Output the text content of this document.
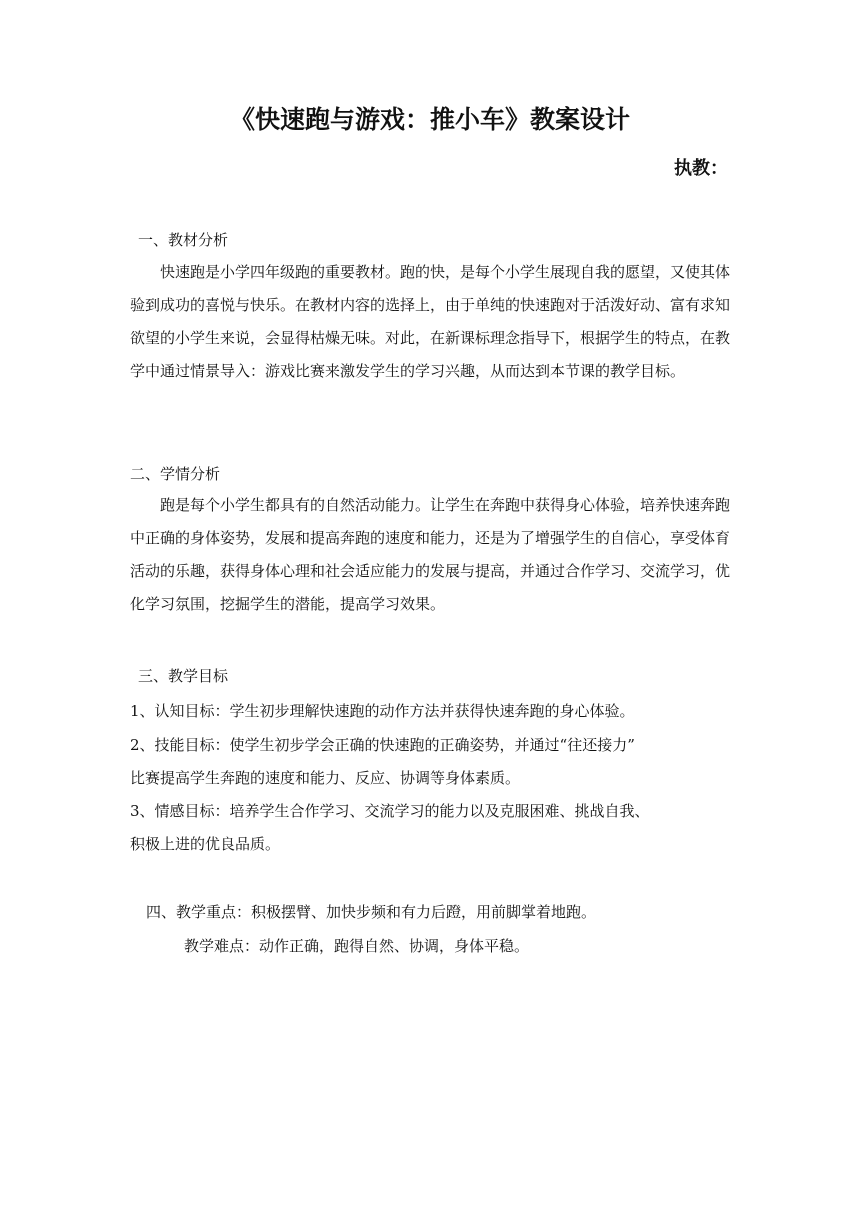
《快速跑与游戏：推小车》教案设计
执教：
一、教材分析

快速跑是小学四年级跑的重要教材。跑的快，是每个小学生展现自我的愿望，又使其体验到成功的喜悦与快乐。在教材内容的选择上，由于单纯的快速跑对于活泼好动、富有求知欲望的小学生来说，会显得枯燥无味。对此，在新课标理念指导下，根据学生的特点，在教学中通过情景导入：游戏比赛来激发学生的学习兴趣，从而达到本节课的教学目标。

二、学情分析

跑是每个小学生都具有的自然活动能力。让学生在奔跑中获得身心体验，培养快速奔跑中正确的身体姿势，发展和提高奔跑的速度和能力，还是为了增强学生的自信心，享受体育活动的乐趣，获得身体心理和社会适应能力的发展与提高，并通过合作学习、交流学习，优化学习氛围，挖掘学生的潜能，提高学习效果。

三、教学目标
1、认知目标：学生初步理解快速跑的动作方法并获得快速奔跑的身心体验。
2、技能目标：使学生初步学会正确的快速跑的正确姿势，并通过“往还接力”
比赛提高学生奔跑的速度和能力、反应、协调等身体素质。
3、情感目标：培养学生合作学习、交流学习的能力以及克服困难、挑战自我、
积极上进的优良品质。
四、教学重点：积极摆臂、加快步频和有力后蹬，用前脚掌着地跑。
教学难点：动作正确，跑得自然、协调，身体平稳。
